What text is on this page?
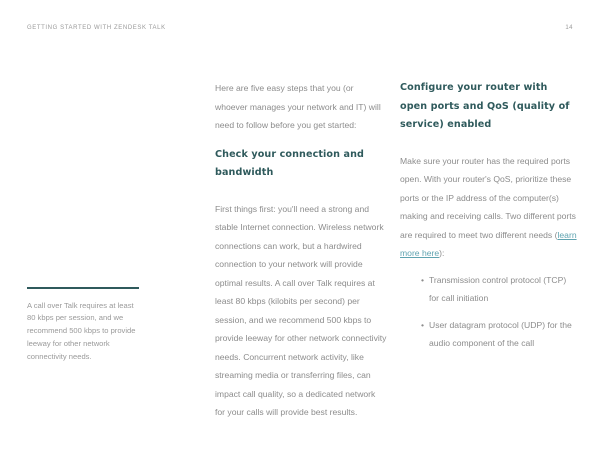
GETTING STARTED WITH ZENDESK TALK	14

A call over Talk requires at least 80 kbps per session, and we recommend 500 kbps to provide leeway for other network connectivity needs.

Here are five easy steps that you (or whoever manages your network and IT) will need to follow before you get started:

Check your connection and bandwidth

First things first: you'll need a strong and stable Internet connection. Wireless network connections can work, but a hardwired connection to your network will provide optimal results. A call over Talk requires at least 80 kbps (kilobits per second) per session, and we recommend 500 kbps to provide leeway for other network connectivity needs. Concurrent network activity, like streaming media or transferring files, can impact call quality, so a dedicated network for your calls will provide best results.

Configure your router with open ports and QoS (quality of service) enabled

Make sure your router has the required ports open. With your router's QoS, prioritize these ports or the IP address of the computer(s) making and receiving calls. Two different ports are required to meet two different needs (learn more here):

• Transmission control protocol (TCP) for call initiation
• User datagram protocol (UDP) for the audio component of the call
